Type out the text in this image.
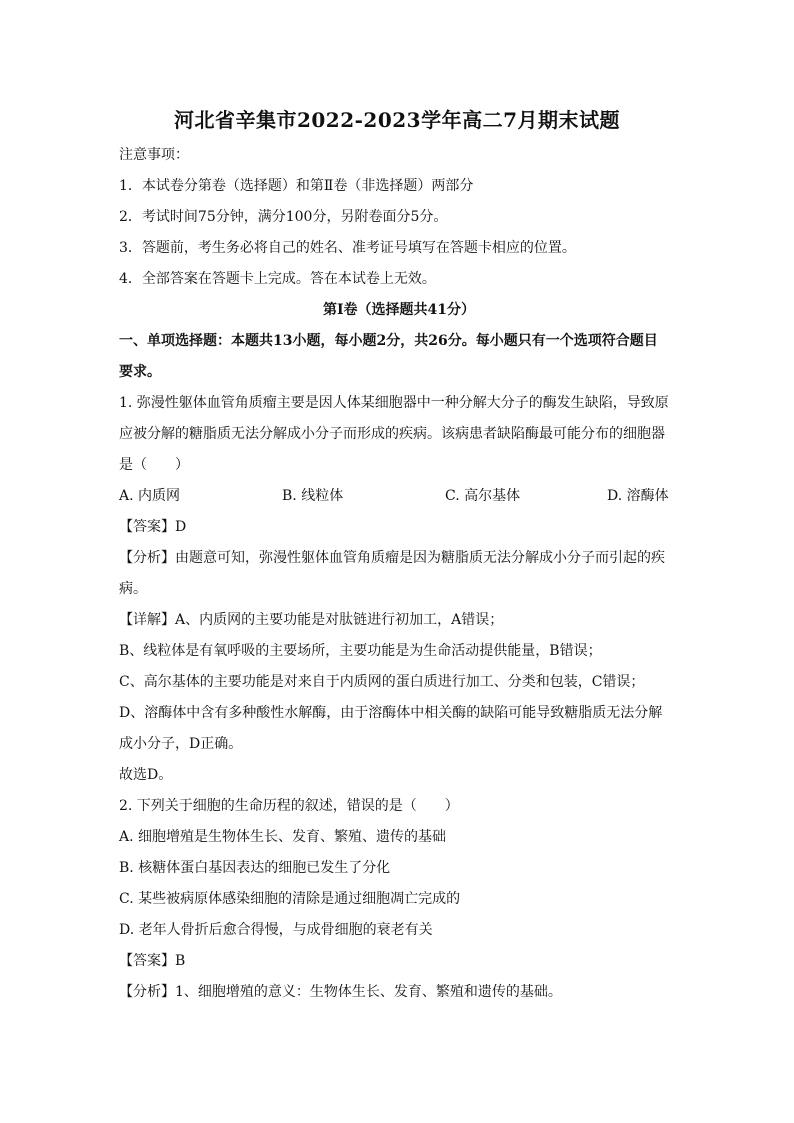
河北省辛集市2022-2023学年高二7月期末试题
注意事项：
1．本试卷分第卷（选择题）和第Ⅱ卷（非选择题）两部分
2．考试时间75分钟，满分100分，另附卷面分5分。
3．答题前，考生务必将自己的姓名、准考证号填写在答题卡相应的位置。
4．全部答案在答题卡上完成。答在本试卷上无效。
第Ⅰ卷（选择题共41分）
一、单项选择题：本题共13小题，每小题2分，共26分。每小题只有一个选项符合题目
要求。
1. 弥漫性躯体血管角质瘤主要是因人体某细胞器中一种分解大分子的酶发生缺陷，导致原
应被分解的糖脂质无法分解成小分子而形成的疾病。该病患者缺陷酶最可能分布的细胞器
是（　　）
A. 内质网	B. 线粒体	C. 高尔基体	D. 溶酶体
【答案】D
【分析】由题意可知，弥漫性躯体血管角质瘤是因为糖脂质无法分解成小分子而引起的疾
病。
【详解】A、内质网的主要功能是对肽链进行初加工，A错误；
B、线粒体是有氧呼吸的主要场所，主要功能是为生命活动提供能量，B错误；
C、高尔基体的主要功能是对来自于内质网的蛋白质进行加工、分类和包装，C错误；
D、溶酶体中含有多种酸性水解酶，由于溶酶体中相关酶的缺陷可能导致糖脂质无法分解
成小分子，D正确。
故选D。
2. 下列关于细胞的生命历程的叙述，错误的是（　　）
A. 细胞增殖是生物体生长、发育、繁殖、遗传的基础
B. 核糖体蛋白基因表达的细胞已发生了分化
C. 某些被病原体感染细胞的清除是通过细胞凋亡完成的
D. 老年人骨折后愈合得慢，与成骨细胞的衰老有关
【答案】B
【分析】1、细胞增殖的意义：生物体生长、发育、繁殖和遗传的基础。
